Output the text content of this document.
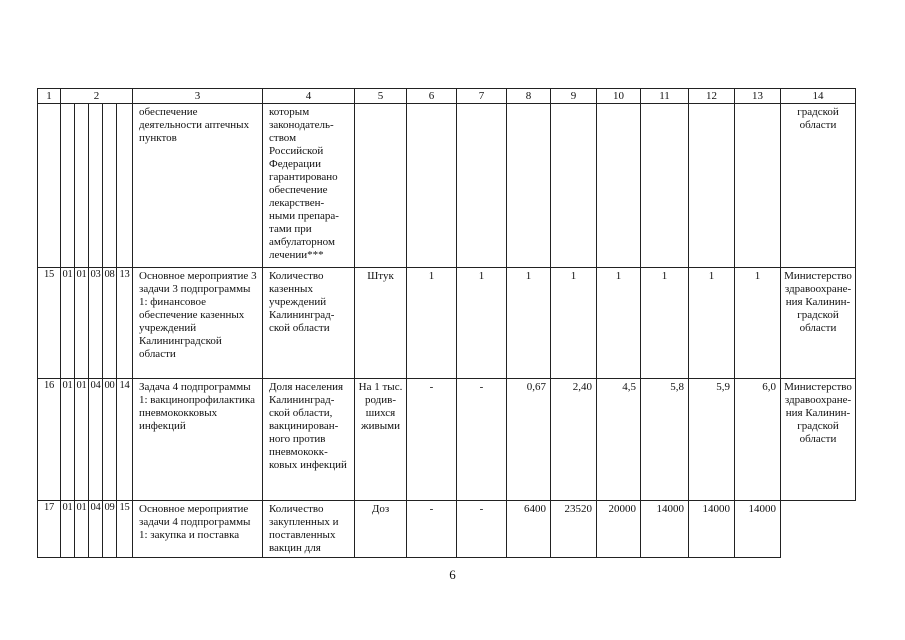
1	2					3	4	5	6	7	8	9	10	11	12	13	14
						обеспечение деятельности аптечных пунктов	которым законодатель- ством Российской Федерации гарантировано обеспечение лекарствен- ными препара- тами при амбулаторном лечении***										градской области
15	01	01	03	08	13	Основное мероприятие 3 задачи 3 подпрограммы 1: финансовое обеспечение казенных учреждений Калининградской области	Количество казенных учреждений Калининград- ской области	Штук	1	1	1	1	1	1	1	1	Министерство здравоохране- ния Калинин- градской области
16	01	01	04	00	14	Задача 4 подпрограммы 1: вакцинопрофилактика пневмококковых инфекций	Доля населения Калининград- ской области, вакцинирован- ного против пневмококк- ковых инфекций	На 1 тыс. родив- шихся живыми	-	-	0,67	2,40	4,5	5,8	5,9	6,0	Министерство здравоохране- ния Калинин- градской области
17	01	01	04	09	15	Основное мероприятие задачи 4 подпрограммы 1: закупка и поставка	Количество закупленных и поставленных вакцин для	Доз	-	-	6400	23520	20000	14000	14000	14000	
6
